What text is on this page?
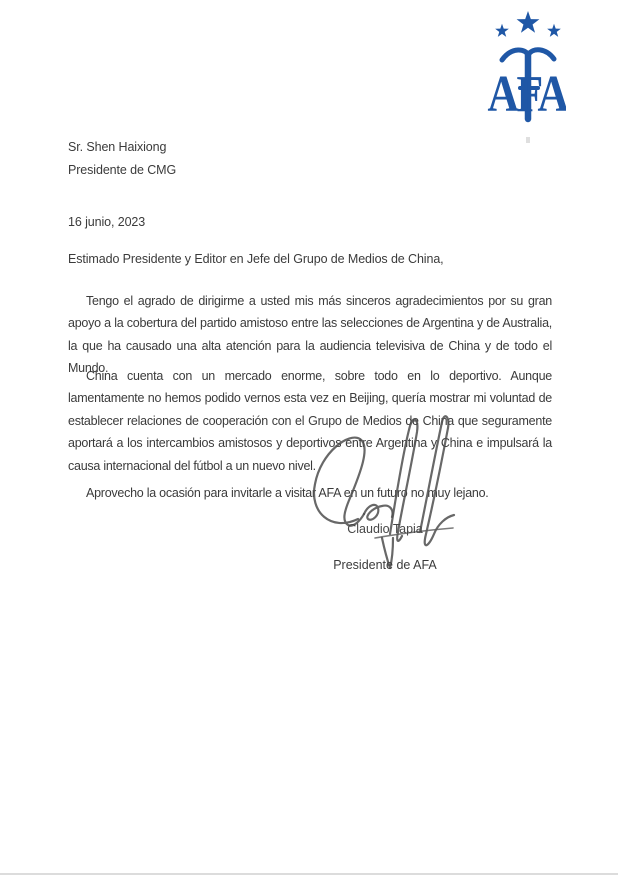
AFA
Sr. Shen Haixiong
Presidente de CMG
16 junio, 2023
Estimado Presidente y Editor en Jefe del Grupo de Medios de China,

Tengo el agrado de dirigirme a usted mis más sinceros agradecimientos por su gran apoyo a la cobertura del partido amistoso entre las selecciones de Argentina y de Australia, la que ha causado una alta atención para la audiencia televisiva de China y de todo el Mundo.

China cuenta con un mercado enorme, sobre todo en lo deportivo. Aunque lamentamente no hemos podido vernos esta vez en Beijing, quería mostrar mi voluntad de establecer relaciones de cooperación con el Grupo de Medios de China que seguramente aportará a los intercambios amistosos y deportivos entre Argentina y China e impulsará la causa internacional del fútbol a un nuevo nivel.

Aprovecho la ocasión para invitarle a visitar AFA en un futuro no muy lejano.

Claudio Tapia
Presidente de AFA
